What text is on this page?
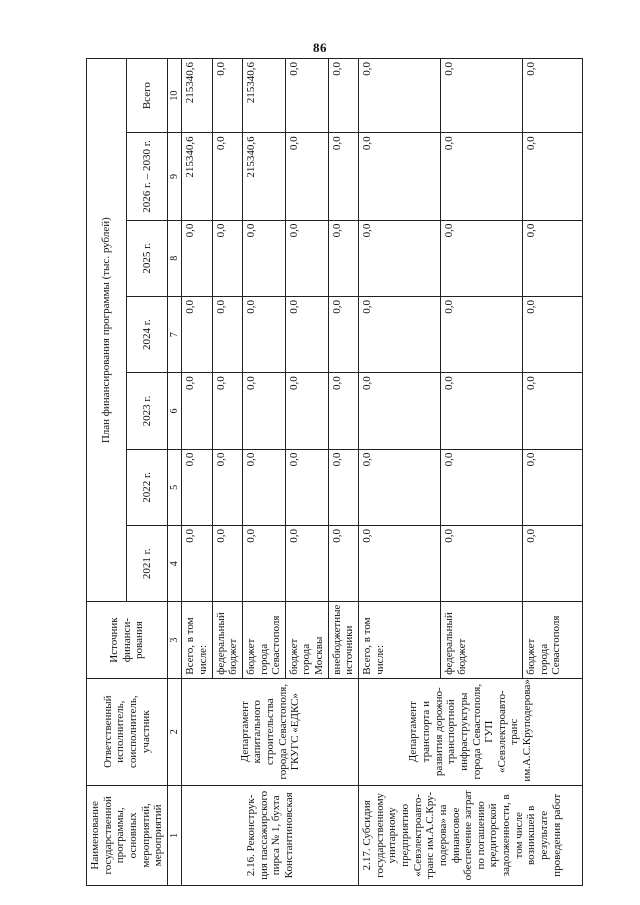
86
Наименование государственной программы, основных мероприятий, мероприятий	Ответственный исполнитель, соисполнитель, участник	Источник финанси-рования	План финансирования программы (тыс. рублей)						
			2021 г.	2022 г.	2023 г.	2024 г.	2025 г.	2026 г. – 2030 г.	Всего
1	2	3	4	5	6	7	8	9	10
2.16. Реконструк-ция пассажирского пирса № 1, бухта Константиновская	Департамент капитального строительства города Севастополя, ГКУГС «ЕДКС»	Всего, в том числе:	0,0	0,0	0,0	0,0	0,0	215340,6	215340,6
		федеральный бюджет	0,0	0,0	0,0	0,0	0,0	0,0	0,0
		бюджет города Севастополя	0,0	0,0	0,0	0,0	0,0	215340,6	215340,6
		бюджет города Москвы	0,0	0,0	0,0	0,0	0,0	0,0	0,0
		внебюджетные источники	0,0	0,0	0,0	0,0	0,0	0,0	0,0
2.17. Субсидия государственному унитарному предприятию «Севэлектроавто-транс им.А.С.Кру-подерова» на финансовое обеспечение затрат по погашению кредиторской задолженности, в том числе возникшей в результате проведения работ	Департамент транспорта и развития дорожно-транспортной инфраструктуры города Севастополя, ГУП «Севэлектроавто-транс им.А.С.Круподерова»	Всего, в том числе:	0,0	0,0	0,0	0,0	0,0	0,0	0,0
		федеральный бюджет	0,0	0,0	0,0	0,0	0,0	0,0	0,0
		бюджет города Севастополя	0,0	0,0	0,0	0,0	0,0	0,0	0,0
